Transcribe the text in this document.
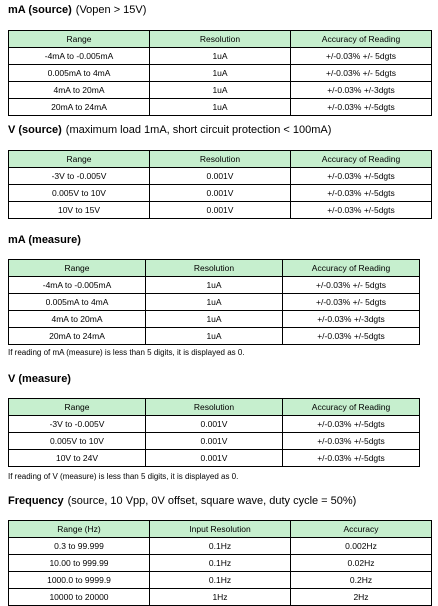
mA (source) (Vopen > 15V)
Range	Resolution	Accuracy of Reading
-4mA to -0.005mA	1uA	+/-0.03% +/- 5dgts
0.005mA to 4mA	1uA	+/-0.03% +/- 5dgts
4mA to 20mA	1uA	+/-0.03% +/-3dgts
20mA to 24mA	1uA	+/-0.03% +/-5dgts
V (source) (maximum load 1mA, short circuit protection < 100mA)
Range	Resolution	Accuracy of Reading
-3V to -0.005V	0.001V	+/-0.03% +/-5dgts
0.005V to 10V	0.001V	+/-0.03% +/-5dgts
10V to 15V	0.001V	+/-0.03% +/-5dgts
mA (measure)
Range	Resolution	Accuracy of Reading
-4mA to -0.005mA	1uA	+/-0.03% +/- 5dgts
0.005mA to 4mA	1uA	+/-0.03% +/- 5dgts
4mA to 20mA	1uA	+/-0.03% +/-3dgts
20mA to 24mA	1uA	+/-0.03% +/-5dgts
If reading of mA (measure) is less than 5 digits, it is displayed as 0.
V (measure)
Range	Resolution	Accuracy of Reading
-3V to -0.005V	0.001V	+/-0.03% +/-5dgts
0.005V to 10V	0.001V	+/-0.03% +/-5dgts
10V to 24V	0.001V	+/-0.03% +/-5dgts
If reading of V (measure) is less than 5 digits, it is displayed as 0.
Frequency (source, 10 Vpp, 0V offset, square wave, duty cycle = 50%)
Range (Hz)	Input Resolution	Accuracy
0.3 to 99.999	0.1Hz	0.002Hz
10.00 to 999.99	0.1Hz	0.02Hz
1000.0 to 9999.9	0.1Hz	0.2Hz
10000 to 20000	1Hz	2Hz
